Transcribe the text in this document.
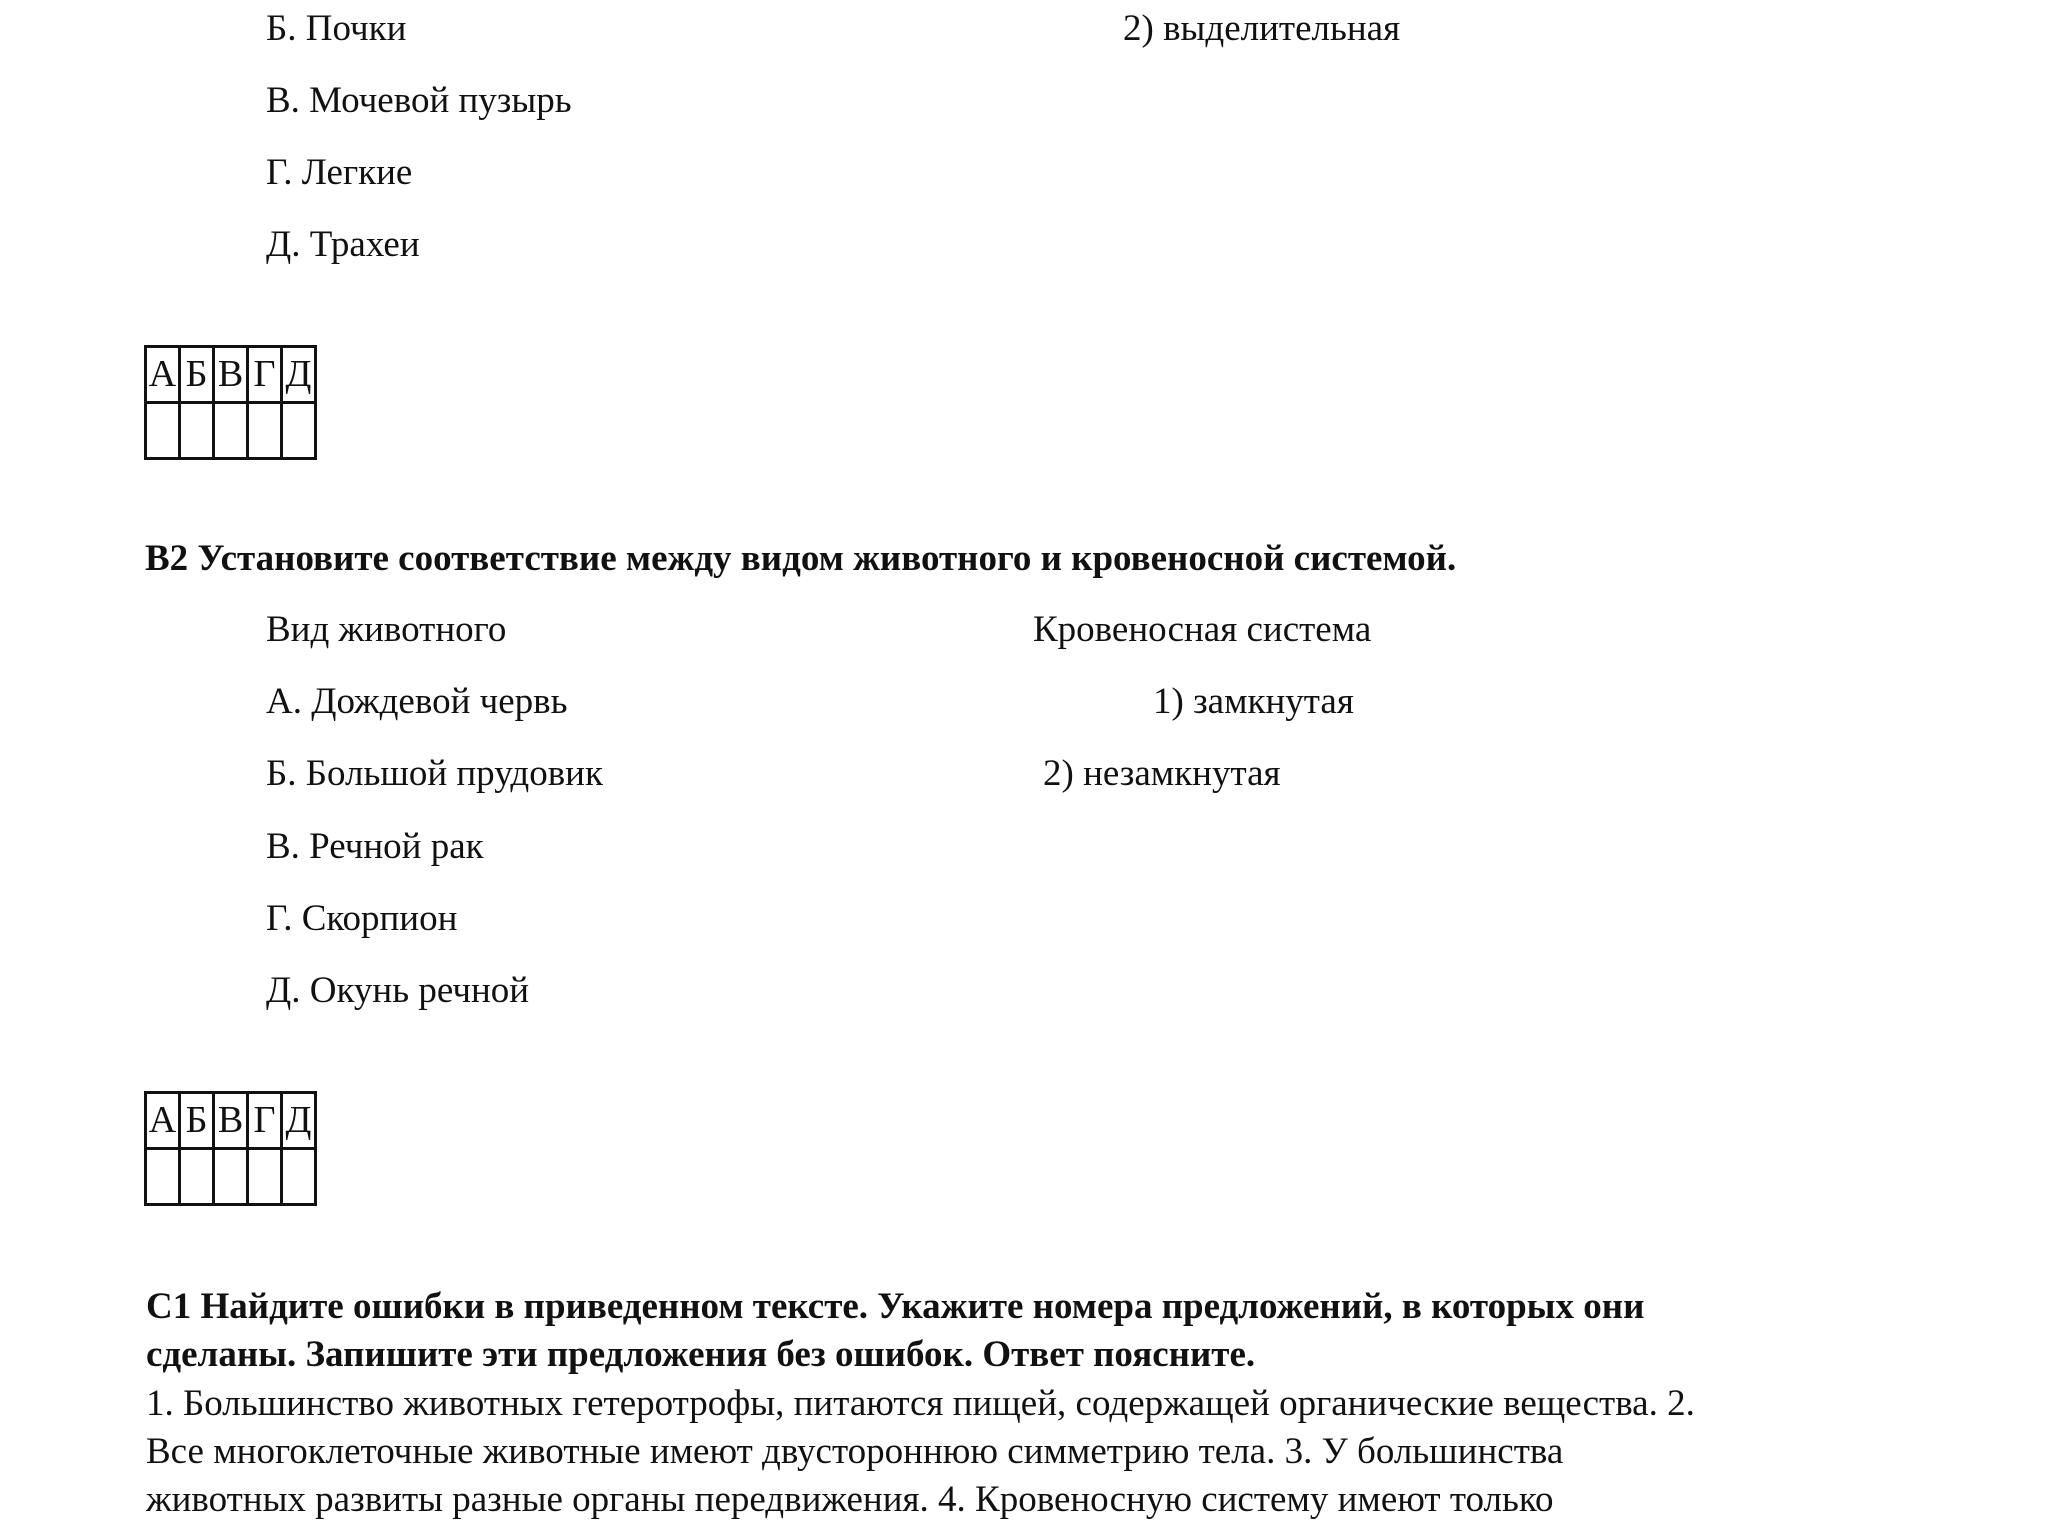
Б. Почки	2) выделительная
В. Мочевой пузырь
Г. Легкие
Д. Трахеи
А	Б	В	Г	Д

В2 Установите соответствие между видом животного и кровеносной системой.
Вид животного	Кровеносная система
А. Дождевой червь	1) замкнутая
Б. Большой прудовик	2) незамкнутая
В. Речной рак
Г. Скорпион
Д. Окунь речной
А	Б	В	Г	Д

С1 Найдите ошибки в приведенном тексте. Укажите номера предложений, в которых они
сделаны. Запишите эти предложения без ошибок. Ответ поясните.
1. Большинство животных гетеротрофы, питаются пищей, содержащей органические вещества. 2.
Все многоклеточные животные имеют двустороннюю симметрию тела. 3. У большинства
животных развиты разные органы передвижения. 4. Кровеносную систему имеют только
